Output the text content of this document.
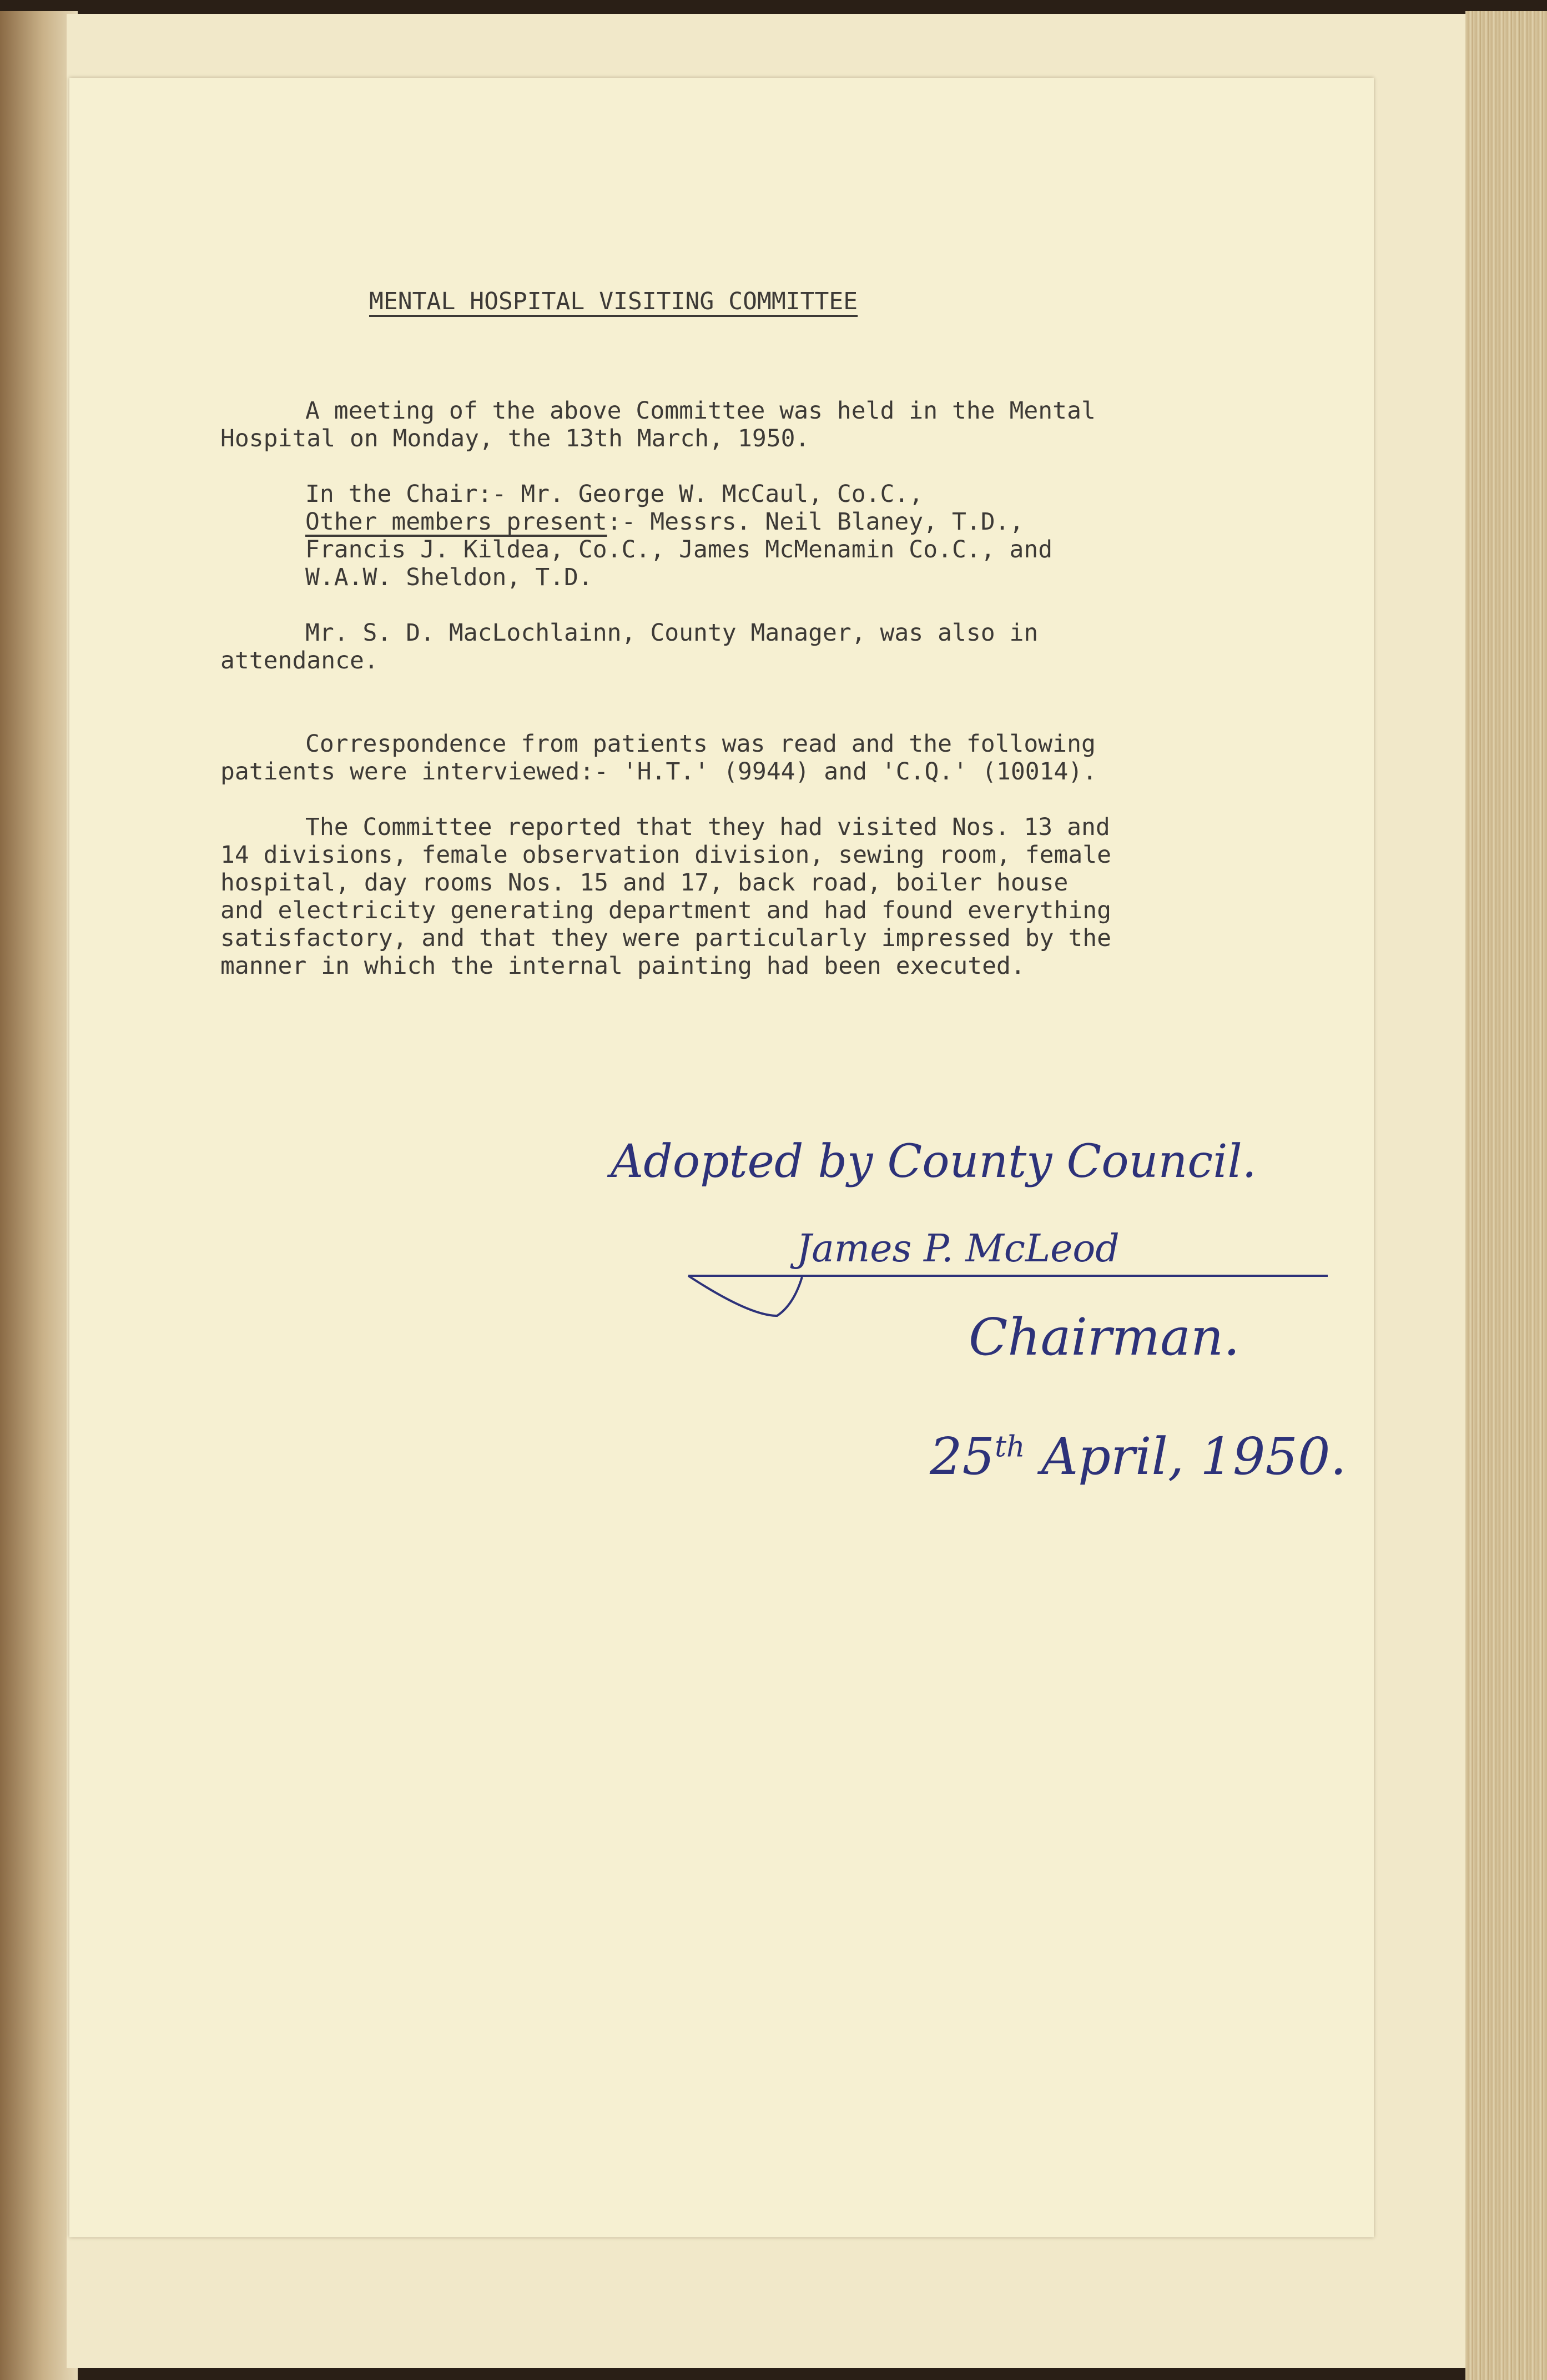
MENTAL HOSPITAL VISITING COMMITTEE

A meeting of the above Committee was held in the Mental

Hospital on Monday, the 13th March, 1950.

In the Chair:- Mr. George W. McCaul, Co.C.,

Other members present:- Messrs. Neil Blaney, T.D.,

Francis J. Kildea, Co.C., James McMenamin Co.C., and

W.A.W. Sheldon, T.D.

Mr. S. D. MacLochlainn, County Manager, was also in

attendance.

Correspondence from patients was read and the following

patients were interviewed:- 'H.T.' (9944) and 'C.Q.' (10014).

The Committee reported that they had visited Nos. 13 and

14 divisions, female observation division, sewing room, female

hospital, day rooms Nos. 15 and 17, back road, boiler house

and electricity generating department and had found everything

satisfactory, and that they were particularly impressed by the

manner in which the internal painting had been executed.

Adopted by County Council.
James P. McLeod
Chairman.
25th April, 1950.
